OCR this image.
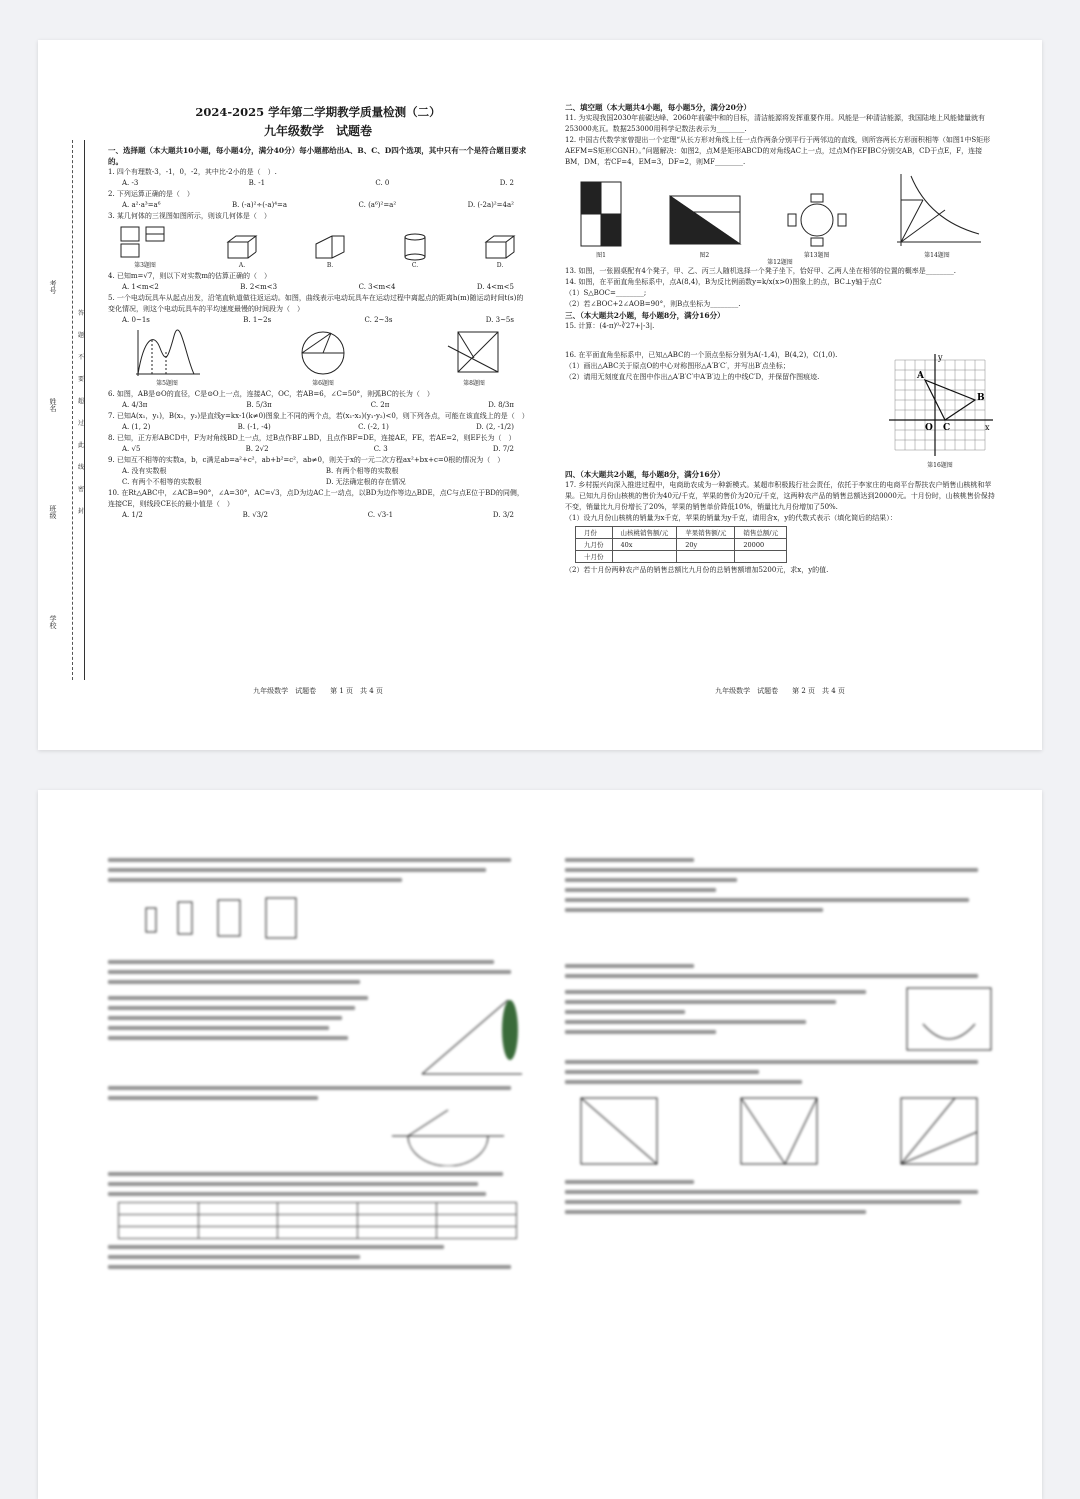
考号
姓名
班级
学校
答
题
不
要
超
过
此
线
密
封

2024-2025 学年第二学期教学质量检测（二）

九年级数学　试题卷

一、选择题（本大题共10小题，每小题4分，满分40分）每小题都给出A、B、C、D四个选项，其中只有一个是符合题目要求的。

1. 四个有理数-3，-1，0，-2，其中比-2小的是（　）.

A. -3	B. -1	C. 0	D. 2

2. 下列运算正确的是（　）

A. a²·a³=a⁶	B. (-a)²÷(-a)⁴=a	C. (a⁶)²=a²	D. (-2a)²=4a²

3. 某几何体的三视图如图所示，则该几何体是（　）

第3题图	A.	B.	C.	D.

4. 已知m=√7，则以下对实数m的估算正确的（　）

A. 1<m<2	B. 2<m<3	C. 3<m<4	D. 4<m<5

5. 一个电动玩具车从起点出发，沿笔直轨道做往返运动。如图，曲线表示电动玩具车在运动过程中离起点的距离h(m)随运动时间t(s)的变化情况，则这个电动玩具车的平均速度最慢的时间段为（　）

A. 0~1s	B. 1~2s	C. 2~3s	D. 3~5s
第5题图	第6题图	第8题图

6. 如图，AB是⊙O的直径，C是⊙O上一点，连接AC，OC，若AB=6，∠C=50°，则弧BC的长为（　）

A. 4/3π	B. 5/3π	C. 2π	D. 8/3π

7. 已知A(x₁，y₁)，B(x₂，y₂)是直线y=kx-1(k≠0)图象上不同的两个点，若(x₁-x₂)(y₁-y₂)<0，则下列各点，可能在该直线上的是（　）

A. (1, 2)	B. (-1, -4)	C. (-2, 1)	D. (2, -1/2)

8. 已知，正方形ABCD中，F为对角线BD上一点，过B点作BF⊥BD，且点作BF=DE，连接AE，FE，若AE=2，则EF长为（　）

A. √5	B. 2√2	C. 3	D. 7/2

9. 已知互不相等的实数a，b，c满足ab=a²+c²，ab+b²=c²，ab≠0，则关于x的一元二次方程ax²+bx+c=0根的情况为（　）

A. 没有实数根	B. 有两个相等的实数根
C. 有两个不相等的实数根	D. 无法确定根的存在情况

10. 在Rt△ABC中，∠ACB=90°，∠A=30°，AC=√3，点D为边AC上一动点，以BD为边作等边△BDE，点C与点E位于BD的同侧，连接CE，则线段CE长的最小值是（　）

A. 1/2	B. √3/2	C. √3-1	D. 3/2
九年级数学　试题卷　　第 1 页　共 4 页

二、填空题（本大题共4小题，每小题5分，满分20分）

11. 为实现我国2030年前碳达峰、2060年前碳中和的目标，清洁能源将发挥重要作用。风能是一种清洁能源，我国陆地上风能储量就有253000兆瓦。数据253000用科学记数法表示为________.

12. 中国古代数学家曾提出一个定理“从长方形对角线上任一点作两条分别平行于两邻边的直线，则所容两长方形面积相等（如图1中S矩形AEFM=S矩形CGNH）。”问题解决：如图2，点M是矩形ABCD的对角线AC上一点，过点M作EF∥BC分别交AB，CD于点E，F，连接BM，DM，若CF=4，EM=3，DF=2，则MF________.

图1	图2	第13题图	第14题图
第12题图

13. 如图，一张圆桌配有4个凳子，甲、乙、丙三人随机选择一个凳子坐下，恰好甲、乙两人坐在相邻的位置的概率是________.

14. 如图，在平面直角坐标系中，点A(8,4)，B为反比例函数y=k/x(x>0)图象上的点，BC⊥y轴于点C

（1）S△BOC=________;

（2）若∠BOC+2∠AOB=90°，则B点坐标为________.

三、（本大题共2小题，每小题8分，满分16分）

15. 计算：(4-π)⁰-∛27+|-3|.

16. 在平面直角坐标系中，已知△ABC的一个顶点坐标分别为A(-1,4)，B(4,2)，C(1,0).

（1）画出△ABC关于原点O的中心对称图形△A′B′C′，并写出B′点坐标；

（2）请用无刻度直尺在图中作出△A′B′C′中A′B′边上的中线C′D，并保留作图痕迹.	A
B
O C	x
y
第16题图

四、（本大题共2小题，每小题8分，满分16分）

17. 乡村振兴向深入推进过程中，电商助农成为一种新模式。某超市积极践行社会责任，依托于李家庄的电商平台帮扶农户销售山核桃和苹果。已知九月份山核桃的售价为40元/千克，苹果的售价为20元/千克，这两种农产品的销售总额达到20000元。十月份时，山核桃售价保持不变，销量比九月份增长了20%，苹果的销售单价降低10%，销量比九月份增加了50%.

（1）设九月份山核桃的销量为x千克，苹果的销量为y千克，请用含x，y的代数式表示（填化简后的结果）：

月份	山核桃销售额/元	苹果销售额/元	销售总额/元
九月份	40x	20y	20000
十月份			

（2）若十月份两种农产品的销售总额比九月份的总销售额增加5200元，求x，y的值.

九年级数学　试题卷　　第 2 页　共 4 页
